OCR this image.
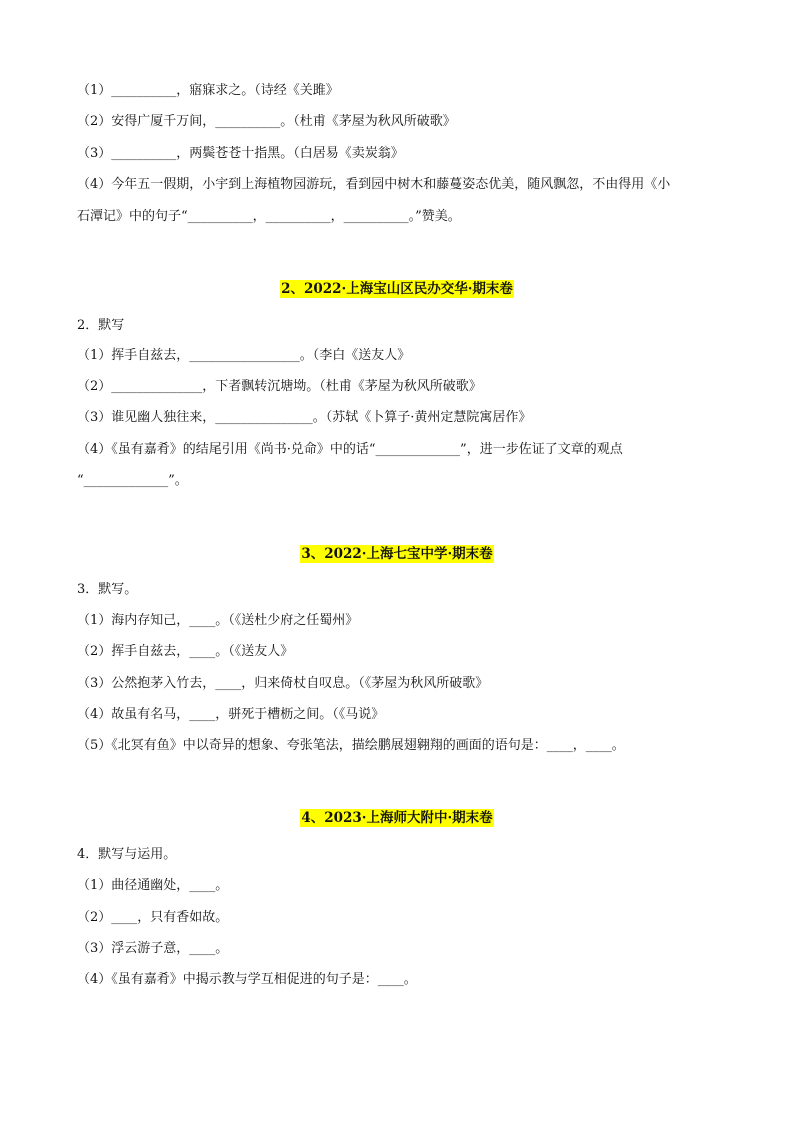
（1）__________，寤寐求之。（诗经《关雎》
（2）安得广厦千万间，__________。（杜甫《茅屋为秋风所破歌》
（3）__________，两鬓苍苍十指黑。（白居易《卖炭翁》
（4）今年五一假期，小宇到上海植物园游玩，看到园中树木和藤蔓姿态优美，随风飘忽，不由得用《小
石潭记》中的句子“__________，__________，__________。”赞美。
2、2022·上海宝山区民办交华·期末卷
2．默写
（1）挥手自兹去，_________________。（李白《送友人》
（2）______________，下者飘转沉塘坳。（杜甫《茅屋为秋风所破歌》
（3）谁见幽人独往来，_______________。（苏轼《卜算子·黄州定慧院寓居作》
（4）《虽有嘉肴》的结尾引用《尚书·兑命》中的话“_____________”，进一步佐证了文章的观点
“_____________”。
3、2022·上海七宝中学·期末卷
3．默写。
（1）海内存知己，____。（《送杜少府之任蜀州》
（2）挥手自兹去，____。（《送友人》
（3）公然抱茅入竹去，____，归来倚杖自叹息。（《茅屋为秋风所破歌》
（4）故虽有名马，____，骈死于槽枥之间。（《马说》
（5）《北冥有鱼》中以奇异的想象、夸张笔法，描绘鹏展翅翱翔的画面的语句是：____，____。
4、2023·上海师大附中·期末卷
4．默写与运用。
（1）曲径通幽处，____。
（2）____，只有香如故。
（3）浮云游子意，____。
（4）《虽有嘉肴》中揭示教与学互相促进的句子是：____。
